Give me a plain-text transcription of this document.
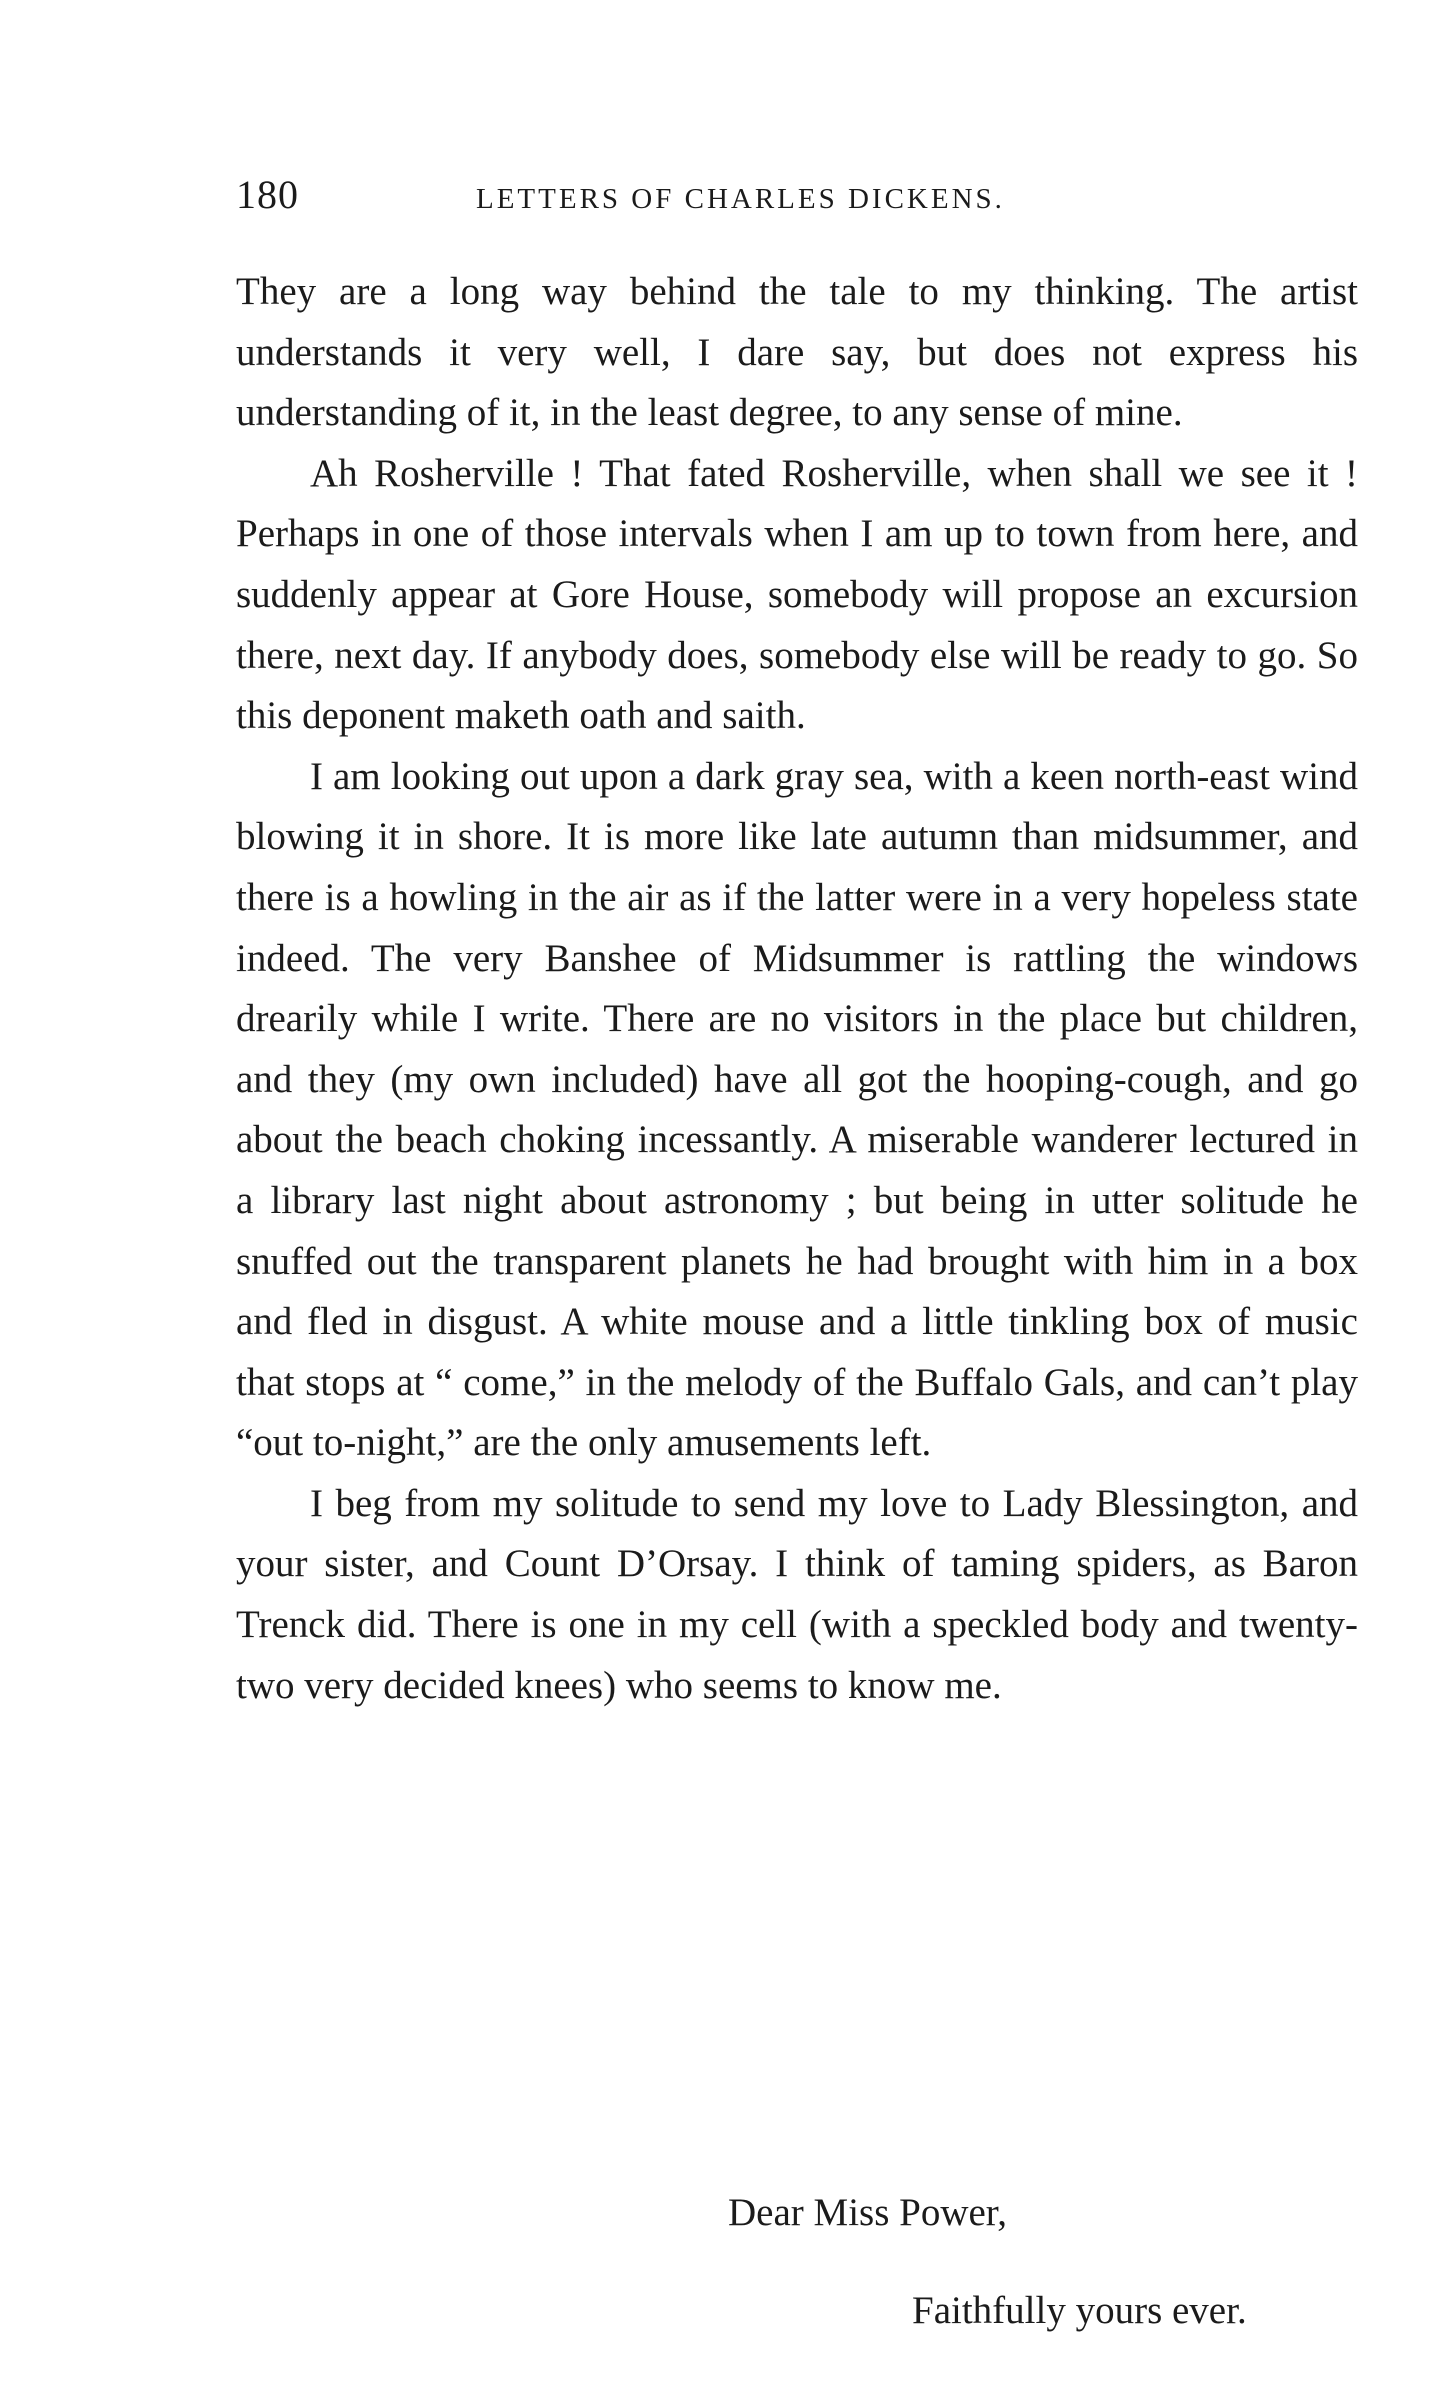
180	LETTERS OF CHARLES DICKENS.

They are a long way behind the tale to my thinking. The artist understands it very well, I dare say, but does not express his understanding of it, in the least degree, to any sense of mine.

Ah Rosherville ! That fated Rosherville, when shall we see it ! Perhaps in one of those intervals when I am up to town from here, and suddenly appear at Gore House, somebody will propose an excursion there, next day. If anybody does, somebody else will be ready to go. So this deponent maketh oath and saith.

I am looking out upon a dark gray sea, with a keen north-east wind blowing it in shore. It is more like late autumn than midsummer, and there is a howling in the air as if the latter were in a very hopeless state indeed. The very Banshee of Midsummer is rattling the windows drearily while I write. There are no visitors in the place but children, and they (my own included) have all got the hooping-cough, and go about the beach choking incessantly. A miserable wanderer lectured in a library last night about astronomy ; but being in utter solitude he snuffed out the transparent planets he had brought with him in a box and fled in disgust. A white mouse and a little tinkling box of music that stops at “ come,” in the melody of the Buffalo Gals, and can’t play “out to-night,” are the only amusements left.

I beg from my solitude to send my love to Lady Blessington, and your sister, and Count D’Orsay. I think of taming spiders, as Baron Trenck did. There is one in my cell (with a speckled body and twenty-two very decided knees) who seems to know me.

Dear Miss Power,
Faithfully yours ever.
